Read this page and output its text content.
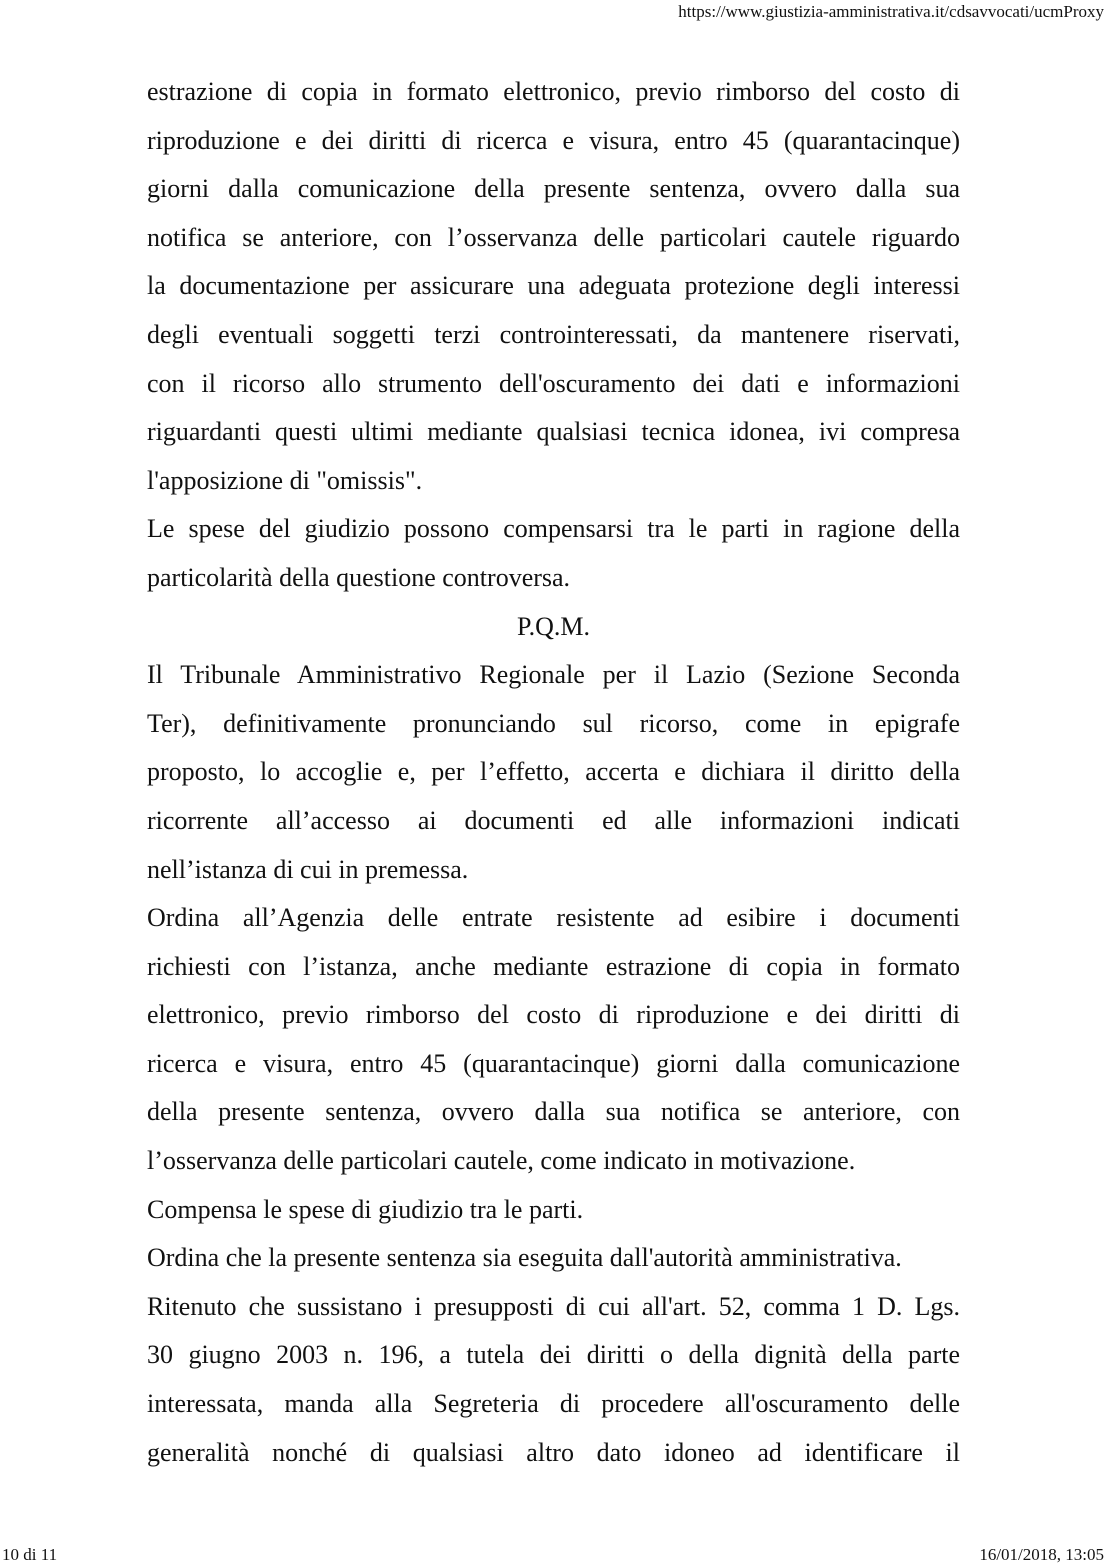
https://www.giustizia-amministrativa.it/cdsavvocati/ucmProxy
estrazione di copia in formato elettronico, previo rimborso del costo di
riproduzione e dei diritti di ricerca e visura, entro 45 (quarantacinque)
giorni dalla comunicazione della presente sentenza, ovvero dalla sua
notifica se anteriore, con l’osservanza delle particolari cautele riguardo
la documentazione per assicurare una adeguata protezione degli interessi
degli eventuali soggetti terzi controinteressati, da mantenere riservati,
con il ricorso allo strumento dell'oscuramento dei dati e informazioni
riguardanti questi ultimi mediante qualsiasi tecnica idonea, ivi compresa
l'apposizione di "omissis".
Le spese del giudizio possono compensarsi tra le parti in ragione della
particolarità della questione controversa.
P.Q.M.
Il Tribunale Amministrativo Regionale per il Lazio (Sezione Seconda
Ter), definitivamente pronunciando sul ricorso, come in epigrafe
proposto, lo accoglie e, per l’effetto, accerta e dichiara il diritto della
ricorrente all’accesso ai documenti ed alle informazioni indicati
nell’istanza di cui in premessa.
Ordina all’Agenzia delle entrate resistente ad esibire i documenti
richiesti con l’istanza, anche mediante estrazione di copia in formato
elettronico, previo rimborso del costo di riproduzione e dei diritti di
ricerca e visura, entro 45 (quarantacinque) giorni dalla comunicazione
della presente sentenza, ovvero dalla sua notifica se anteriore, con
l’osservanza delle particolari cautele, come indicato in motivazione.
Compensa le spese di giudizio tra le parti.
Ordina che la presente sentenza sia eseguita dall'autorità amministrativa.
Ritenuto che sussistano i presupposti di cui all'art. 52, comma 1 D. Lgs.
30 giugno 2003 n. 196, a tutela dei diritti o della dignità della parte
interessata, manda alla Segreteria di procedere all'oscuramento delle
generalità nonché di qualsiasi altro dato idoneo ad identificare il
10 di 11	16/01/2018, 13:05
